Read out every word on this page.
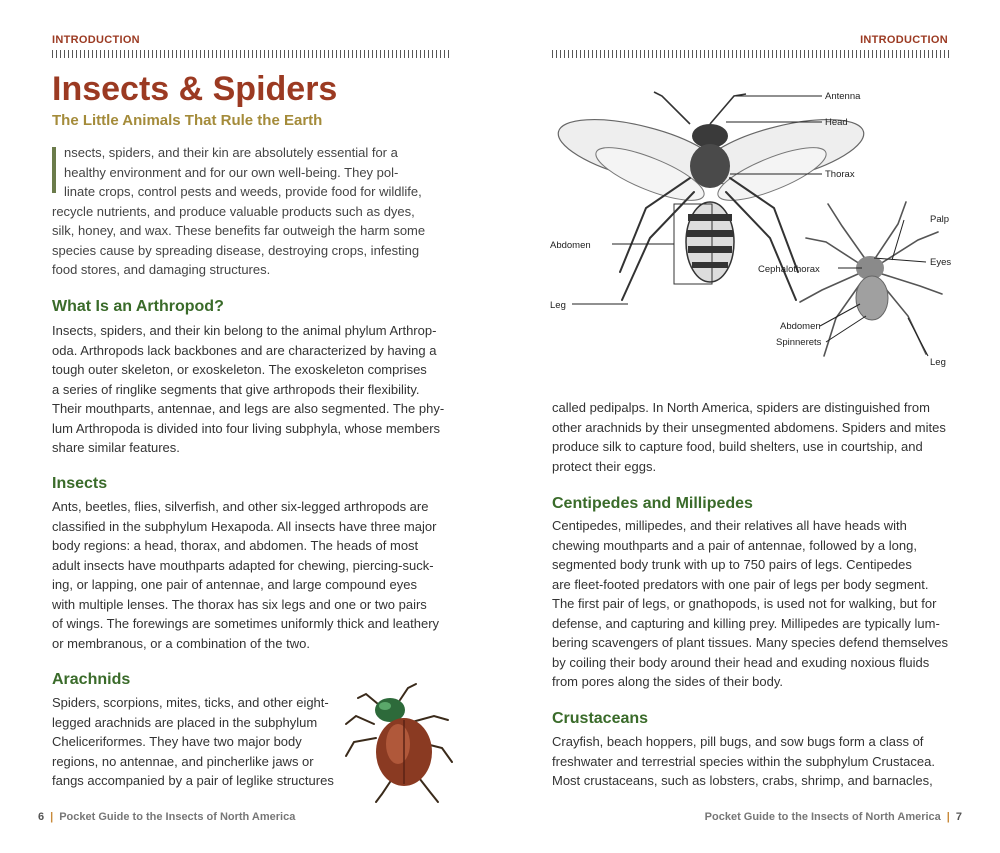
INTRODUCTION
Insects & Spiders
The Little Animals That Rule the Earth
nsects, spiders, and their kin are absolutely essential for a
healthy environment and for our own well-being. They pol-
linate crops, control pests and weeds, provide food for wildlife,
recycle nutrients, and produce valuable products such as dyes,
silk, honey, and wax. These benefits far outweigh the harm some
species cause by spreading disease, destroying crops, infesting
food stores, and damaging structures.
What Is an Arthropod?
Insects, spiders, and their kin belong to the animal phylum Arthrop-
oda. Arthropods lack backbones and are characterized by having a
tough outer skeleton, or exoskeleton. The exoskeleton comprises
a series of ringlike segments that give arthropods their flexibility.
Their mouthparts, antennae, and legs are also segmented. The phy-
lum Arthropoda is divided into four living subphyla, whose members
share similar features.
Insects
Ants, beetles, flies, silverfish, and other six-legged arthropods are
classified in the subphylum Hexapoda. All insects have three major
body regions: a head, thorax, and abdomen. The heads of most
adult insects have mouthparts adapted for chewing, piercing-suck-
ing, or lapping, one pair of antennae, and large compound eyes
with multiple lenses. The thorax has six legs and one or two pairs
of wings. The forewings are sometimes uniformly thick and leathery
or membranous, or a combination of the two.
Arachnids
Spiders, scorpions, mites, ticks, and other eight-
legged arachnids are placed in the subphylum
Cheliceriformes. They have two major body
regions, no antennae, and pincherlike jaws or
fangs accompanied by a pair of leglike structures
6 | Pocket Guide to the Insects of North America
INTRODUCTION
Antenna
Head
Thorax
Abdomen
Leg
Palp
Eyes
Cephalothorax
Abdomen
Spinnerets
Leg
called pedipalps. In North America, spiders are distinguished from
other arachnids by their unsegmented abdomens. Spiders and mites
produce silk to capture food, build shelters, use in courtship, and
protect their eggs.
Centipedes and Millipedes
Centipedes, millipedes, and their relatives all have heads with
chewing mouthparts and a pair of antennae, followed by a long,
segmented body trunk with up to 750 pairs of legs. Centipedes
are fleet-footed predators with one pair of legs per body segment.
The first pair of legs, or gnathopods, is used not for walking, but for
defense, and capturing and killing prey. Millipedes are typically lum-
bering scavengers of plant tissues. Many species defend themselves
by coiling their body around their head and exuding noxious fluids
from pores along the sides of their body.
Crustaceans
Crayfish, beach hoppers, pill bugs, and sow bugs form a class of
freshwater and terrestrial species within the subphylum Crustacea.
Most crustaceans, such as lobsters, crabs, shrimp, and barnacles,
Pocket Guide to the Insects of North America | 7
